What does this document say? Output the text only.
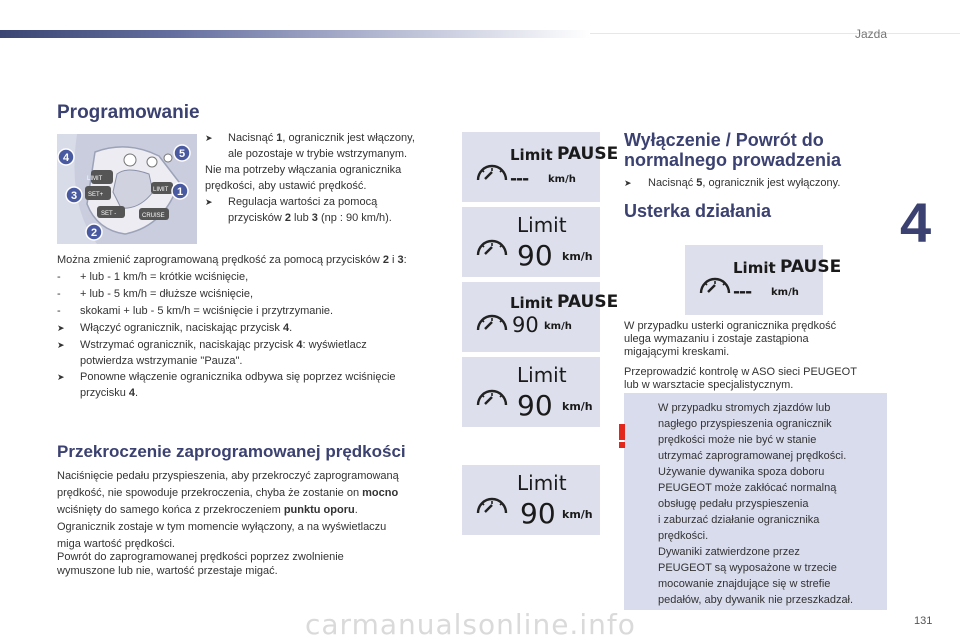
Jazda
4
131
Programowanie
LIMIT
SET+
SET -
LIMIT
CRUISE
4
3
2
5
1

➤ Nacisnąć 1, ogranicznik jest włączony,

ale pozostaje w trybie wstrzymanym.

Nie ma potrzeby włączania ogranicznika

prędkości, aby ustawić prędkość.

➤ Regulacja wartości za pomocą

przycisków 2 lub 3 (np : 90 km/h).

Można zmienić zaprogramowaną prędkość za pomocą przycisków 2 i 3:

- + lub - 1 km/h = krótkie wciśnięcie,

- + lub - 5 km/h = dłuższe wciśnięcie,

- skokami + lub - 5 km/h = wciśnięcie i przytrzymanie.

➤ Włączyć ogranicznik, naciskając przycisk 4.

➤ Wstrzymać ogranicznik, naciskając przycisk 4: wyświetlacz

potwierdza wstrzymanie "Pauza".

➤ Ponowne włączenie ogranicznika odbywa się poprzez wciśnięcie

przycisku 4.

Przekroczenie zaprogramowanej prędkości

Naciśnięcie pedału przyspieszenia, aby przekroczyć zaprogramowaną

prędkość, nie spowoduje przekroczenia, chyba że zostanie on mocno

wciśnięty do samego końca z przekroczeniem punktu oporu.

Ogranicznik zostaje w tym momencie wyłączony, a na wyświetlaczu

miga wartość prędkości.

Powrót do zaprogramowanej prędkości poprzez zwolnienie

wymuszone lub nie, wartość przestaje migać.

Limit PAUSE
--- km/h
Limit
90 km/h
Limit PAUSE
90 km/h
Limit
90 km/h
Limit
90 km/h
Wyłączenie / Powrót do
normalnego prowadzenia

➤ Nacisnąć 5, ogranicznik jest wyłączony.

Usterka działania
Limit PAUSE
--- km/h

W przypadku usterki ogranicznika prędkość

ulega wymazaniu i zostaje zastąpiona

migającymi kreskami.

Przeprowadzić kontrolę w ASO sieci PEUGEOT

lub w warsztacie specjalistycznym.

W przypadku stromych zjazdów lub

nagłego przyspieszenia ogranicznik

prędkości może nie być w stanie

utrzymać zaprogramowanej prędkości.

Używanie dywanika spoza doboru

PEUGEOT może zakłócać normalną

obsługę pedału przyspieszenia

i zaburzać działanie ogranicznika

prędkości.

Dywaniki zatwierdzone przez

PEUGEOT są wyposażone w trzecie

mocowanie znajdujące się w strefie

pedałów, aby dywanik nie przeszkadzał.

carmanualsonline.info
